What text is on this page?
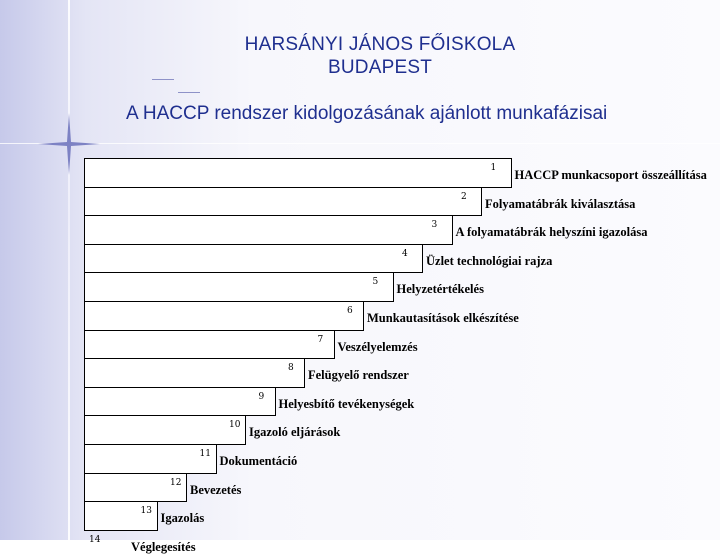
HARSÁNYI JÁNOS FŐISKOLA
BUDAPEST
A HACCP rendszer kidolgozásának ajánlott munkafázisai
1 HACCP munkacsoport összeállítása
2 Folyamatábrák kiválasztása
3 A folyamatábrák helyszíni igazolása
4 Üzlet technológiai rajza
5 Helyzetértékelés
6 Munkautasítások elkészítése
7 Veszélyelemzés
8 Felügyelő rendszer
9 Helyesbítő tevékenységek
10 Igazoló eljárások
11 Dokumentáció
12 Bevezetés
13 Igazolás
14 Véglegesítés
